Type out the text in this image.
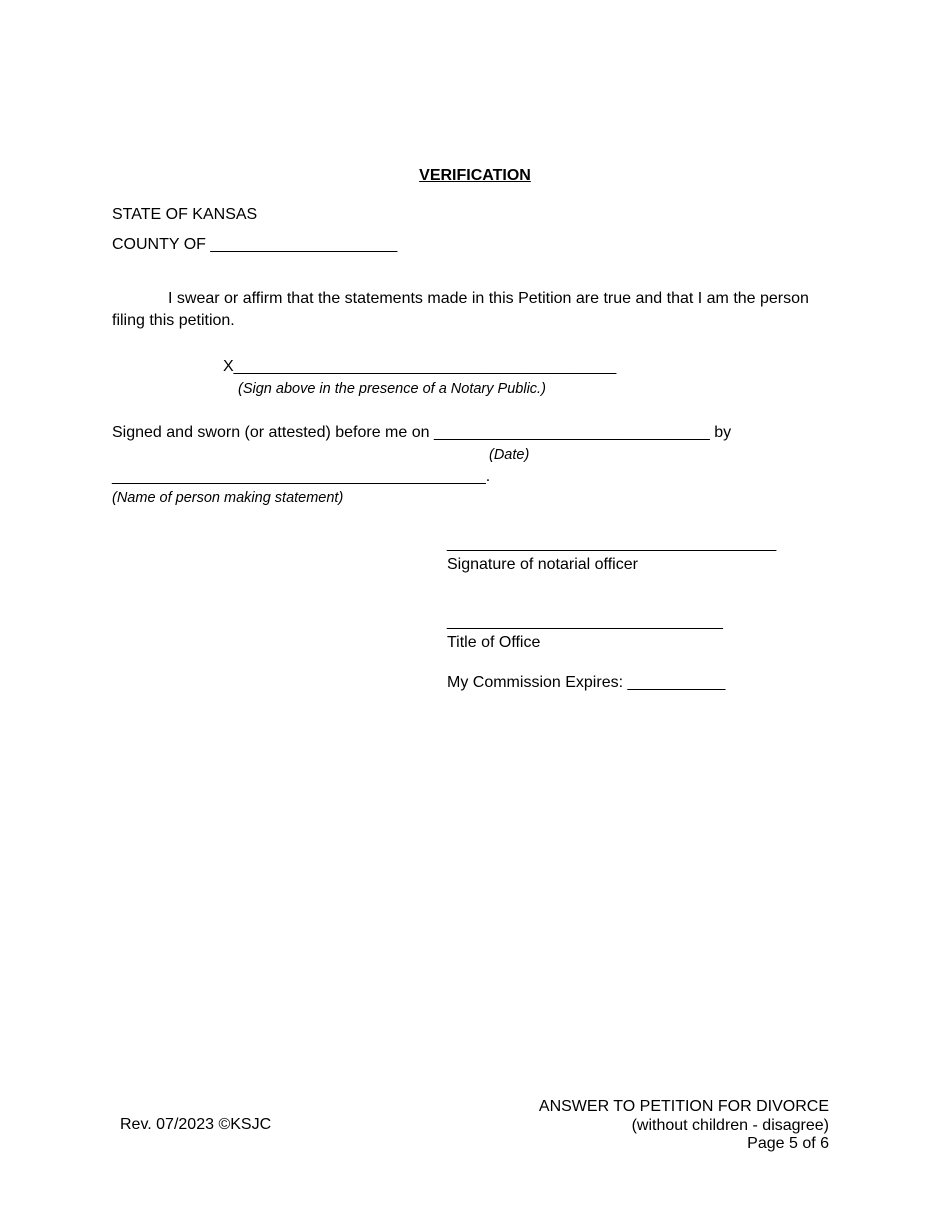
VERIFICATION
STATE OF KANSAS
COUNTY OF _____________________
I swear or affirm that the statements made in this Petition are true and that I am the person filing this petition.
X___________________________________________
(Sign above in the presence of a Notary Public.)
Signed and sworn (or attested) before me on _______________________________ by
(Date)
__________________________________________.
(Name of person making statement)
_____________________________________
Signature of notarial officer
_______________________________
Title of Office
My Commission Expires: ___________
Rev. 07/2023 ©KSJC
ANSWER TO PETITION FOR DIVORCE
(without children - disagree)
Page 5 of 6
